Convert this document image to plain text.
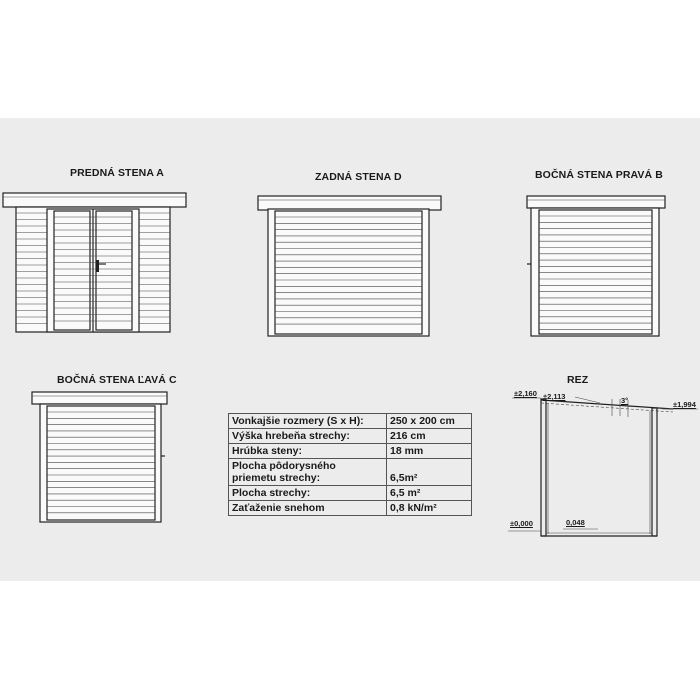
PREDNÁ STENA A	ZADNÁ STENA D	BOČNÁ STENA PRAVÁ B
BOČNÁ STENA ĽAVÁ C	REZ
±2,160 ±2,113	3°	±1,994
±0,000	0,048
Vonkajšie rozmery (S x H):	250 x 200 cm
Výška hrebeňa strechy:	216 cm
Hrúbka steny:	18 mm
Plocha pôdorysného priemetu strechy:	6,5m²
Plocha strechy:	6,5 m²
Zaťaženie snehom	0,8 kN/m²
